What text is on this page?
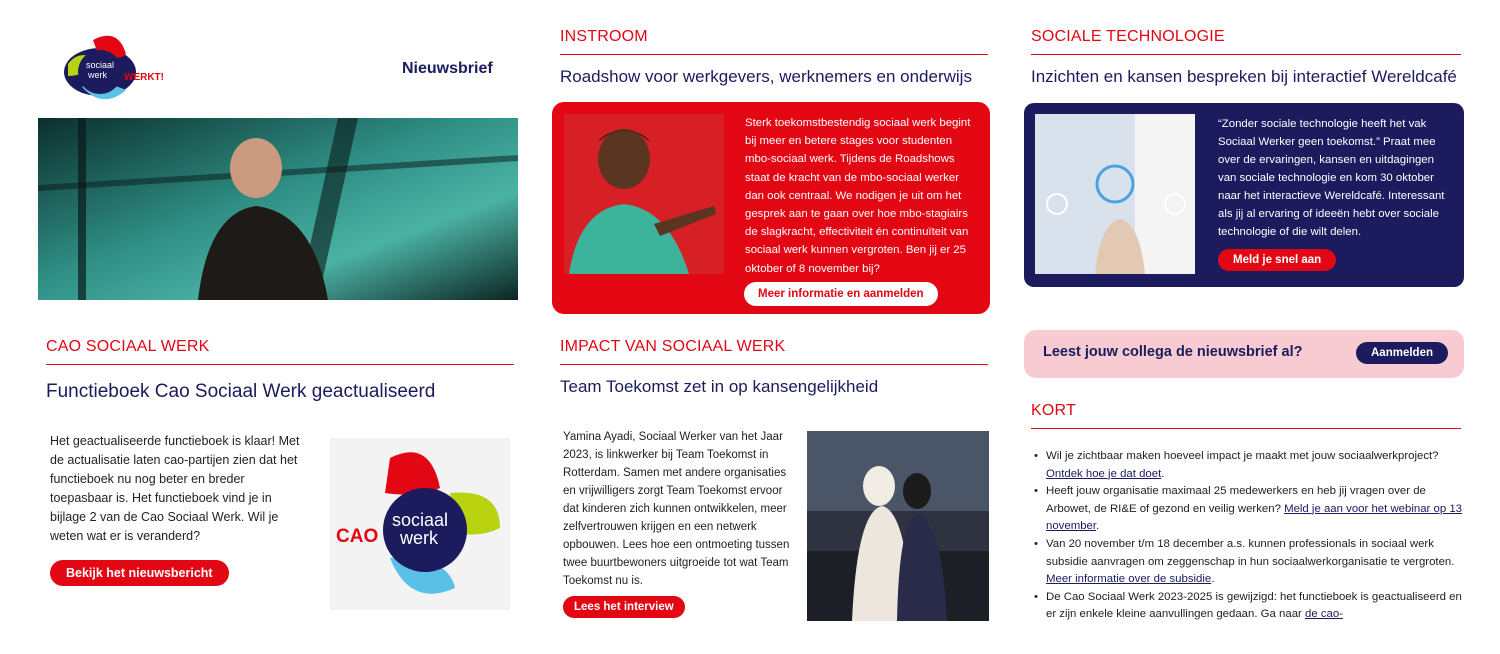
sociaal
werk WERKT!
Nieuwsbrief
CAO SOCIAAL WERK
Functieboek Cao Sociaal Werk geactualiseerd
Het geactualiseerde functieboek is klaar! Met de actualisatie laten cao-partijen zien dat het functieboek nu nog beter en breder toepasbaar is. Het functieboek vind je in bijlage 2 van de Cao Sociaal Werk. Wil je weten wat er is veranderd?
Bekijk het nieuwsbericht
CAO
sociaal
werk
INSTROOM
Roadshow voor werkgevers, werknemers en onderwijs
Sterk toekomstbestendig sociaal werk begint bij meer en betere stages voor studenten mbo-sociaal werk. Tijdens de Roadshows staat de kracht van de mbo-sociaal werker dan ook centraal. We nodigen je uit om het gesprek aan te gaan over hoe mbo-stagiairs de slagkracht, effectiviteit én continuïteit van sociaal werk kunnen vergroten. Ben jij er 25 oktober of 8 november bij?
Meer informatie en aanmelden
IMPACT VAN SOCIAAL WERK
Team Toekomst zet in op kansengelijkheid
Yamina Ayadi, Sociaal Werker van het Jaar 2023, is linkwerker bij Team Toekomst in Rotterdam. Samen met andere organisaties en vrijwilligers zorgt Team Toekomst ervoor dat kinderen zich kunnen ontwikkelen, meer zelfvertrouwen krijgen en een netwerk opbouwen. Lees hoe een ontmoeting tussen twee buurtbewoners uitgroeide tot wat Team Toekomst nu is.
Lees het interview
SOCIALE TECHNOLOGIE
Inzichten en kansen bespreken bij interactief Wereldcafé
“Zonder sociale technologie heeft het vak Sociaal Werker geen toekomst.” Praat mee over de ervaringen, kansen en uitdagingen van sociale technologie en kom 30 oktober naar het interactieve Wereldcafé. Interessant als jij al ervaring of ideeën hebt over sociale technologie of die wilt delen.
Meld je snel aan
Leest jouw collega de nieuwsbrief al?	Aanmelden
KORT
• Wil je zichtbaar maken hoeveel impact je maakt met jouw sociaalwerkproject? Ontdek hoe je dat doet.
• Heeft jouw organisatie maximaal 25 medewerkers en heb jij vragen over de Arbowet, de RI&E of gezond en veilig werken? Meld je aan voor het webinar op 13 november.
• Van 20 november t/m 18 december a.s. kunnen professionals in sociaal werk subsidie aanvragen om zeggenschap in hun sociaalwerkorganisatie te vergroten. Meer informatie over de subsidie.
• De Cao Sociaal Werk 2023-2025 is gewijzigd: het functieboek is geactualiseerd en er zijn enkele kleine aanvullingen gedaan. Ga naar de cao-
